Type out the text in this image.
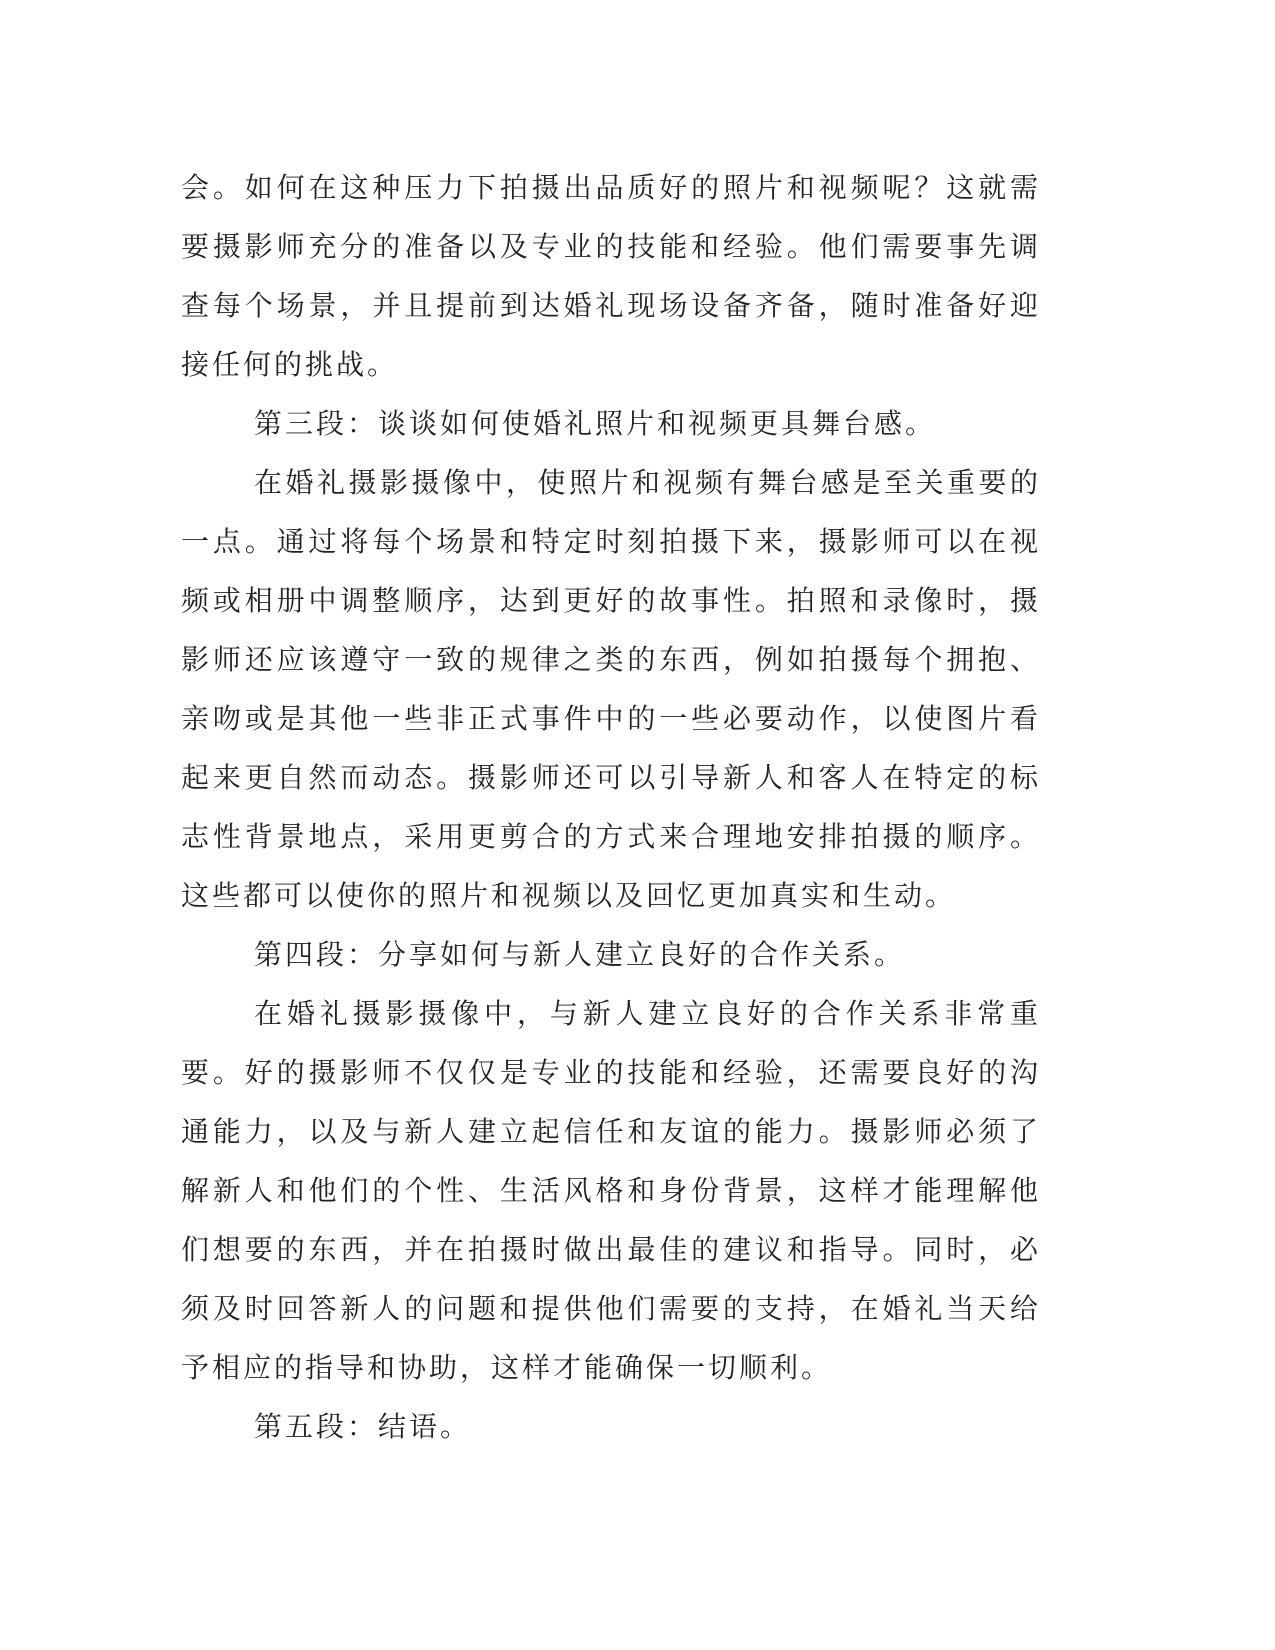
会。如何在这种压力下拍摄出品质好的照片和视频呢？这就需要摄影师充分的准备以及专业的技能和经验。他们需要事先调查每个场景，并且提前到达婚礼现场设备齐备，随时准备好迎接任何的挑战。

第三段：谈谈如何使婚礼照片和视频更具舞台感。

在婚礼摄影摄像中，使照片和视频有舞台感是至关重要的一点。通过将每个场景和特定时刻拍摄下来，摄影师可以在视频或相册中调整顺序，达到更好的故事性。拍照和录像时，摄影师还应该遵守一致的规律之类的东西，例如拍摄每个拥抱、亲吻或是其他一些非正式事件中的一些必要动作，以使图片看起来更自然而动态。摄影师还可以引导新人和客人在特定的标志性背景地点，采用更剪合的方式来合理地安排拍摄的顺序。这些都可以使你的照片和视频以及回忆更加真实和生动。

第四段：分享如何与新人建立良好的合作关系。

在婚礼摄影摄像中，与新人建立良好的合作关系非常重要。好的摄影师不仅仅是专业的技能和经验，还需要良好的沟通能力，以及与新人建立起信任和友谊的能力。摄影师必须了解新人和他们的个性、生活风格和身份背景，这样才能理解他们想要的东西，并在拍摄时做出最佳的建议和指导。同时，必须及时回答新人的问题和提供他们需要的支持，在婚礼当天给予相应的指导和协助，这样才能确保一切顺利。

第五段：结语。
